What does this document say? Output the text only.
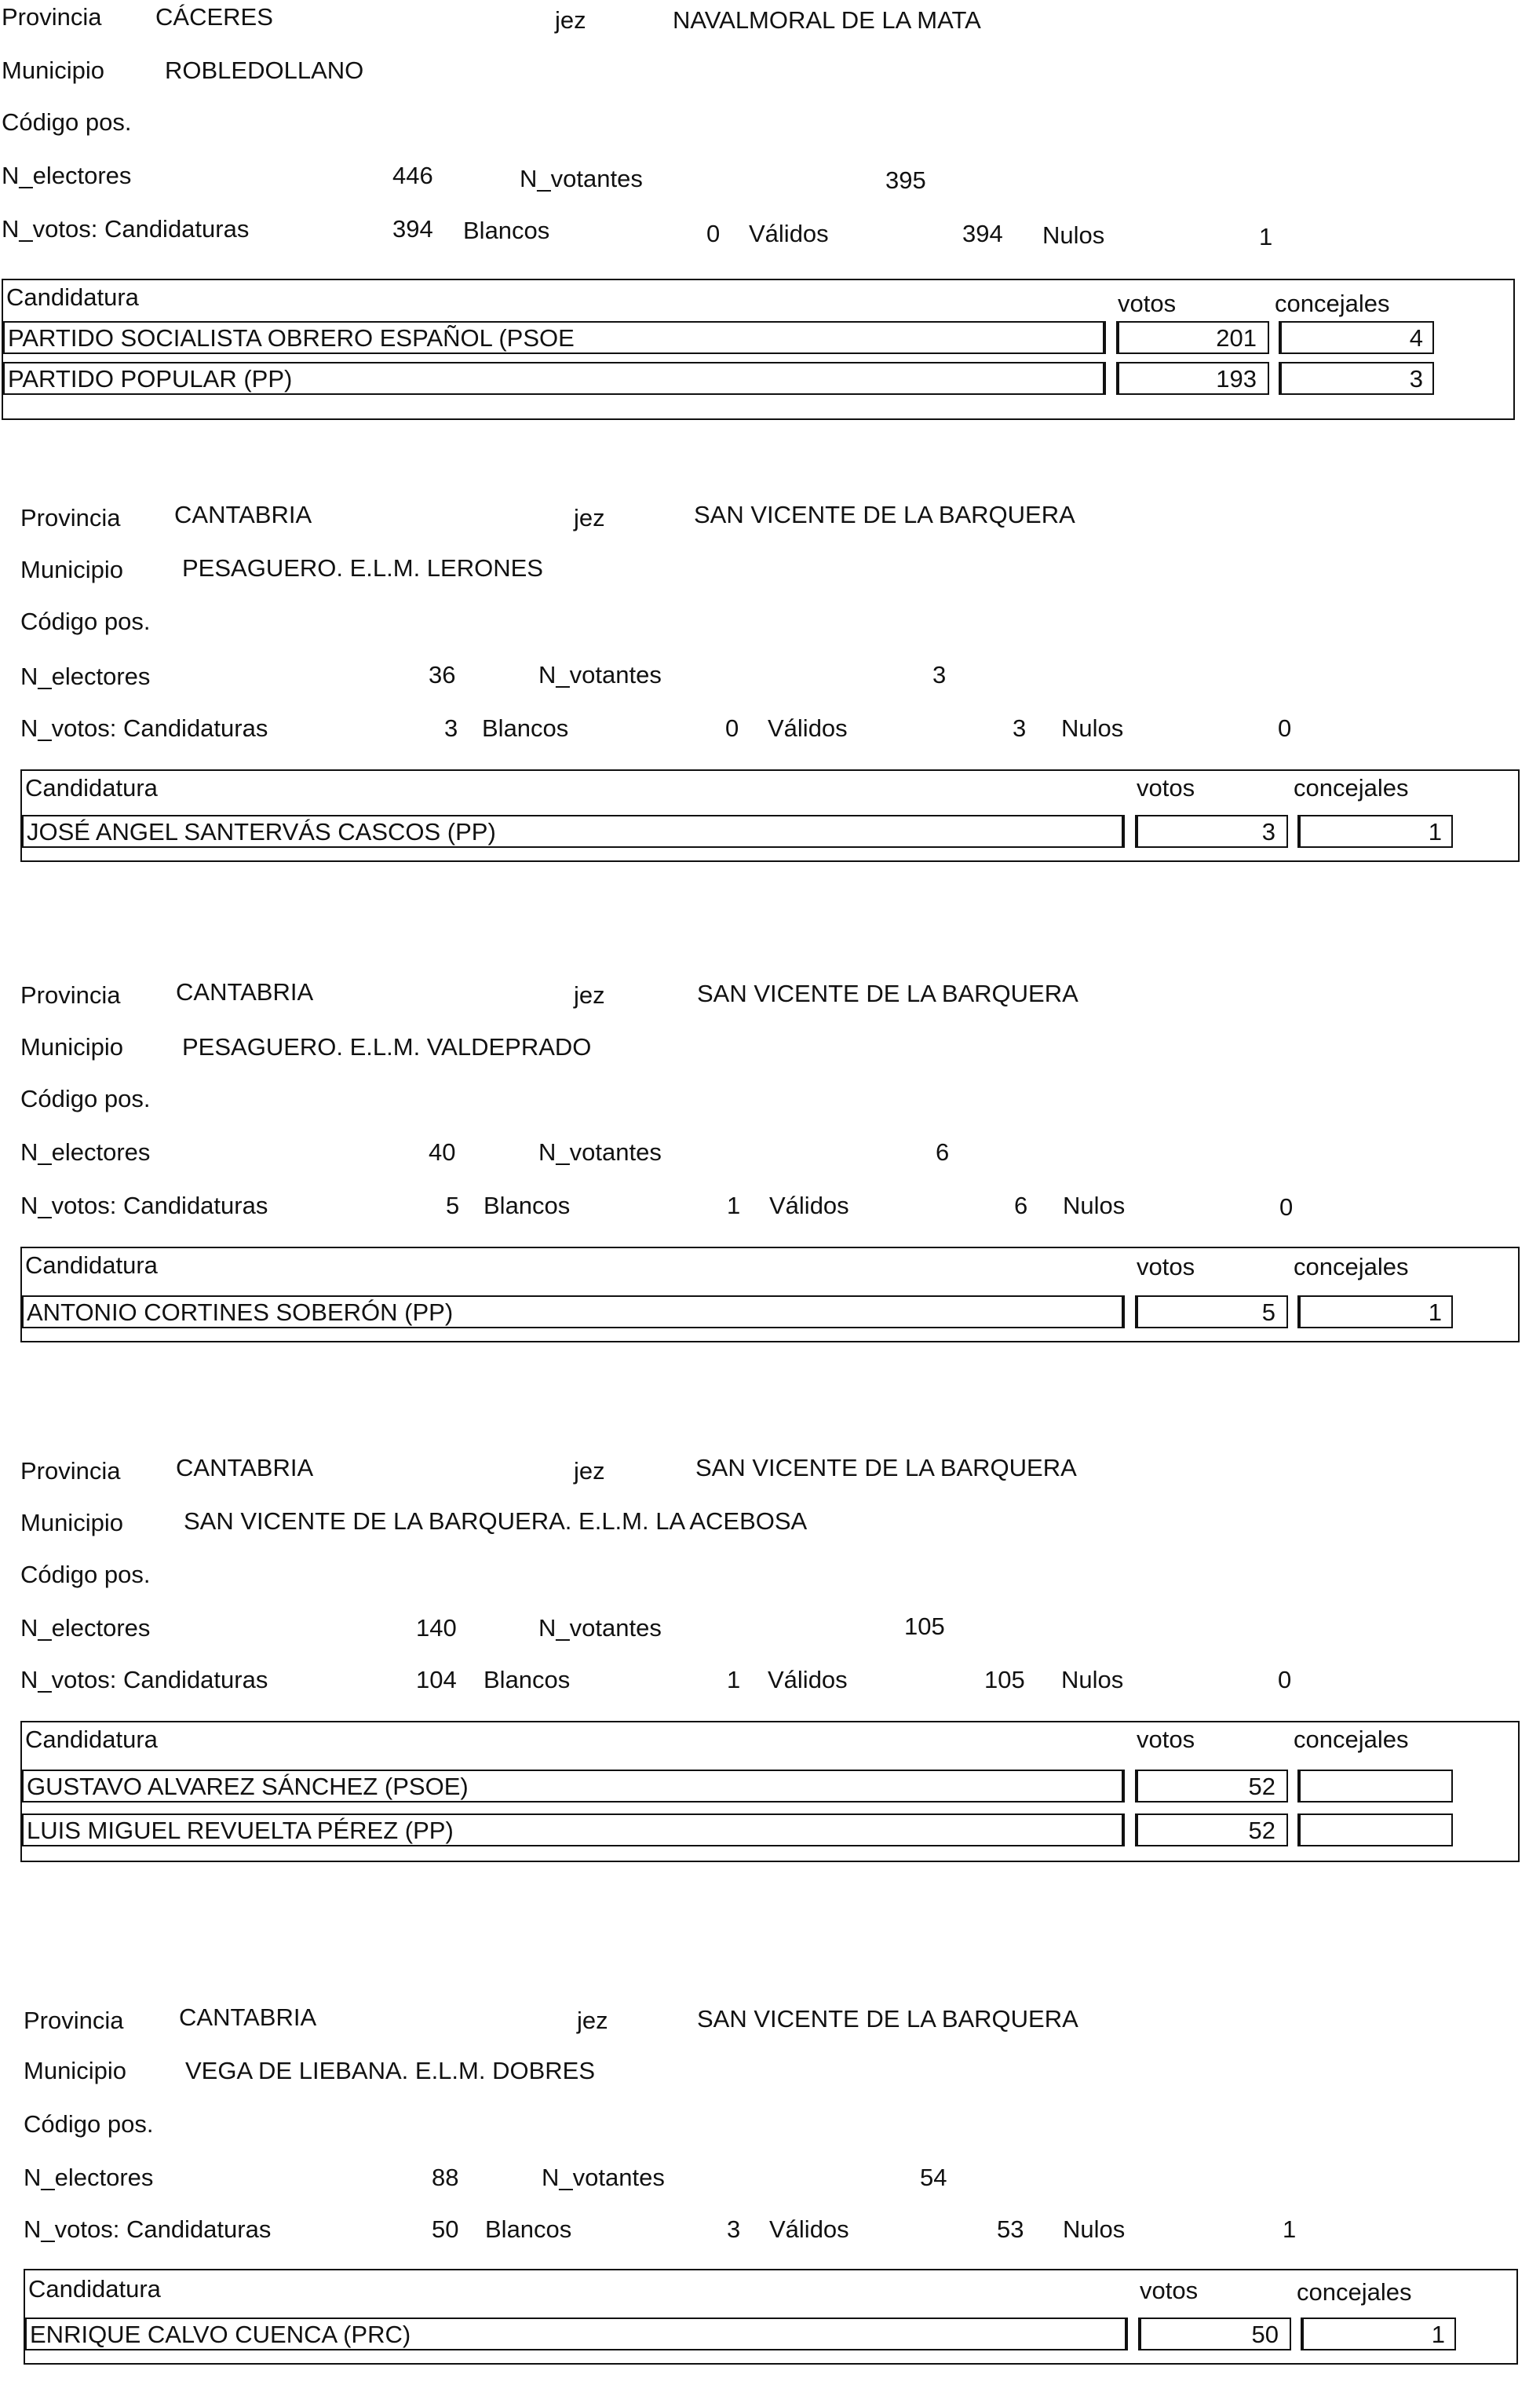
Provincia CÁCERES	jez	NAVALMORAL DE LA MATA
Municipio ROBLEDOLLANO
Código pos.
N_electores	446	N_votantes	395
N_votos: Candidaturas	394 Blancos	0 Válidos	394 Nulos	1
Candidatura	votos	concejales
PARTIDO SOCIALISTA OBRERO ESPAÑOL (PSOE	201	4
PARTIDO POPULAR (PP)	193	3
Provincia CANTABRIA	jez	SAN VICENTE DE LA BARQUERA
Municipio PESAGUERO. E.L.M. LERONES
Código pos.
N_electores	36	N_votantes	3
N_votos: Candidaturas	3 Blancos	0 Válidos	3 Nulos	0
Candidatura	votos	concejales
JOSÉ ANGEL SANTERVÁS CASCOS (PP)	3	1
Provincia CANTABRIA	jez	SAN VICENTE DE LA BARQUERA
Municipio PESAGUERO. E.L.M. VALDEPRADO
Código pos.
N_electores	40	N_votantes	6
N_votos: Candidaturas	5 Blancos	1 Válidos	6 Nulos	0
Candidatura	votos	concejales
ANTONIO CORTINES SOBERÓN (PP)	5	1
Provincia CANTABRIA	jez	SAN VICENTE DE LA BARQUERA
Municipio SAN VICENTE DE LA BARQUERA. E.L.M. LA ACEBOSA
Código pos.
N_electores	140	N_votantes	105
N_votos: Candidaturas	104 Blancos	1 Válidos	105 Nulos	0
Candidatura	votos	concejales
GUSTAVO ALVAREZ SÁNCHEZ (PSOE)	52
LUIS MIGUEL REVUELTA PÉREZ (PP)	52
Provincia CANTABRIA	jez	SAN VICENTE DE LA BARQUERA
Municipio VEGA DE LIEBANA. E.L.M. DOBRES
Código pos.
N_electores	88	N_votantes	54
N_votos: Candidaturas	50 Blancos	3 Válidos	53 Nulos	1
Candidatura	votos	concejales
ENRIQUE CALVO CUENCA (PRC)	50	1
